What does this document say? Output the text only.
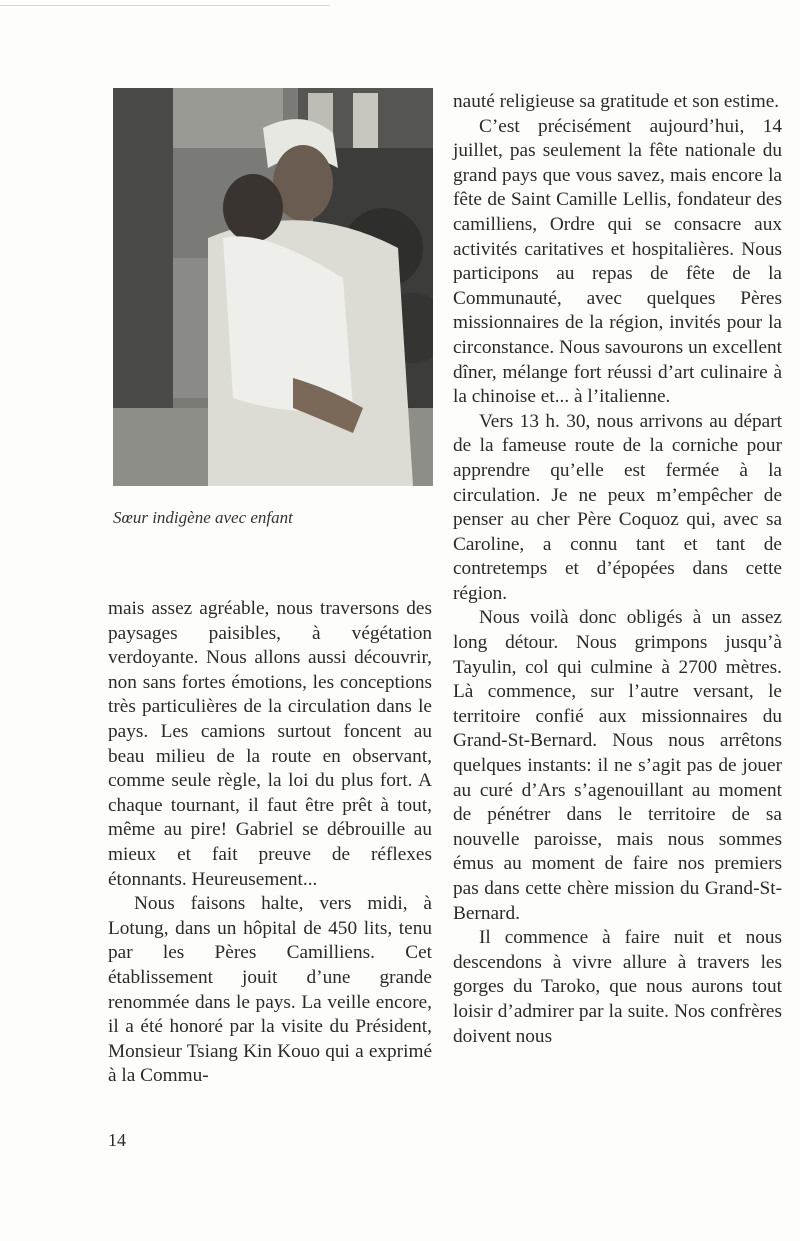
Sœur indigène avec enfant

mais assez agréable, nous traversons des paysages paisibles, à végétation verdoyante. Nous allons aussi découvrir, non sans fortes émotions, les conceptions très particulières de la circulation dans le pays. Les camions surtout foncent au beau milieu de la route en observant, comme seule règle, la loi du plus fort. A chaque tournant, il faut être prêt à tout, même au pire! Gabriel se débrouille au mieux et fait preuve de réflexes étonnants. Heureusement...

Nous faisons halte, vers midi, à Lotung, dans un hôpital de 450 lits, tenu par les Pères Camilliens. Cet établissement jouit d’une grande renommée dans le pays. La veille encore, il a été honoré par la visite du Président, Monsieur Tsiang Kin Kouo qui a exprimé à la Commu-

nauté religieuse sa gratitude et son estime.

C’est précisément aujourd’hui, 14 juillet, pas seulement la fête nationale du grand pays que vous savez, mais encore la fête de Saint Camille Lellis, fondateur des camilliens, Ordre qui se consacre aux activités caritatives et hospitalières. Nous participons au repas de fête de la Communauté, avec quelques Pères missionnaires de la région, invités pour la circonstance. Nous savourons un excellent dîner, mélange fort réussi d’art culinaire à la chinoise et... à l’italienne.

Vers 13 h. 30, nous arrivons au départ de la fameuse route de la corniche pour apprendre qu’elle est fermée à la circulation. Je ne peux m’empêcher de penser au cher Père Coquoz qui, avec sa Caroline, a connu tant et tant de contretemps et d’épopées dans cette région.

Nous voilà donc obligés à un assez long détour. Nous grimpons jusqu’à Tayulin, col qui culmine à 2700 mètres. Là commence, sur l’autre versant, le territoire confié aux missionnaires du Grand-St-Bernard. Nous nous arrêtons quelques instants: il ne s’agit pas de jouer au curé d’Ars s’agenouillant au moment de pénétrer dans le territoire de sa nouvelle paroisse, mais nous sommes émus au moment de faire nos premiers pas dans cette chère mission du Grand-St-Bernard.

Il commence à faire nuit et nous descendons à vivre allure à travers les gorges du Taroko, que nous aurons tout loisir d’admirer par la suite. Nos confrères doivent nous

14
